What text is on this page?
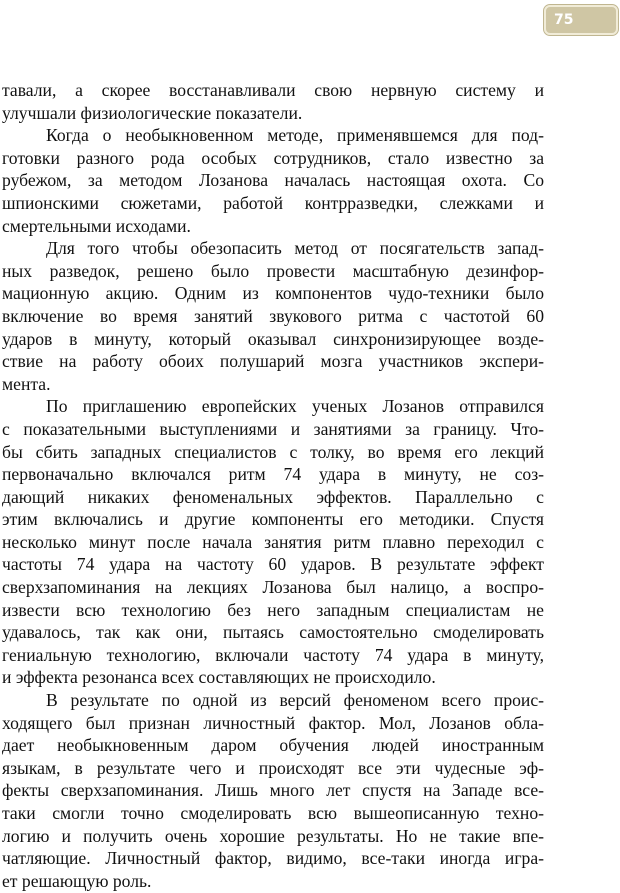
75
тавали, а скорее восстанавливали свою нервную систему и
улучшали физиологические показатели.
Когда о необыкновенном методе, применявшемся для под-
готовки разного рода особых сотрудников, стало известно за
рубежом, за методом Лозанова началась настоящая охота. Со
шпионскими сюжетами, работой контрразведки, слежками и
смертельными исходами.
Для того чтобы обезопасить метод от посягательств запад-
ных разведок, решено было провести масштабную дезинфор-
мационную акцию. Одним из компонентов чудо-техники было
включение во время занятий звукового ритма с частотой 60
ударов в минуту, который оказывал синхронизирующее возде-
ствие на работу обоих полушарий мозга участников экспери-
мента.
По приглашению европейских ученых Лозанов отправился
с показательными выступлениями и занятиями за границу. Что-
бы сбить западных специалистов с толку, во время его лекций
первоначально включался ритм 74 удара в минуту, не соз-
дающий никаких феноменальных эффектов. Параллельно с
этим включались и другие компоненты его методики. Спустя
несколько минут после начала занятия ритм плавно переходил с
частоты 74 удара на частоту 60 ударов. В результате эффект
сверхзапоминания на лекциях Лозанова был налицо, а воспро-
извести всю технологию без него западным специалистам не
удавалось, так как они, пытаясь самостоятельно смоделировать
гениальную технологию, включали частоту 74 удара в минуту,
и эффекта резонанса всех составляющих не происходило.
В результате по одной из версий феноменом всего проис-
ходящего был признан личностный фактор. Мол, Лозанов обла-
дает необыкновенным даром обучения людей иностранным
языкам, в результате чего и происходят все эти чудесные эф-
фекты сверхзапоминания. Лишь много лет спустя на Западе все-
таки смогли точно смоделировать всю вышеописанную техно-
логию и получить очень хорошие результаты. Но не такие впе-
чатляющие. Личностный фактор, видимо, все-таки иногда игра-
ет решающую роль.
